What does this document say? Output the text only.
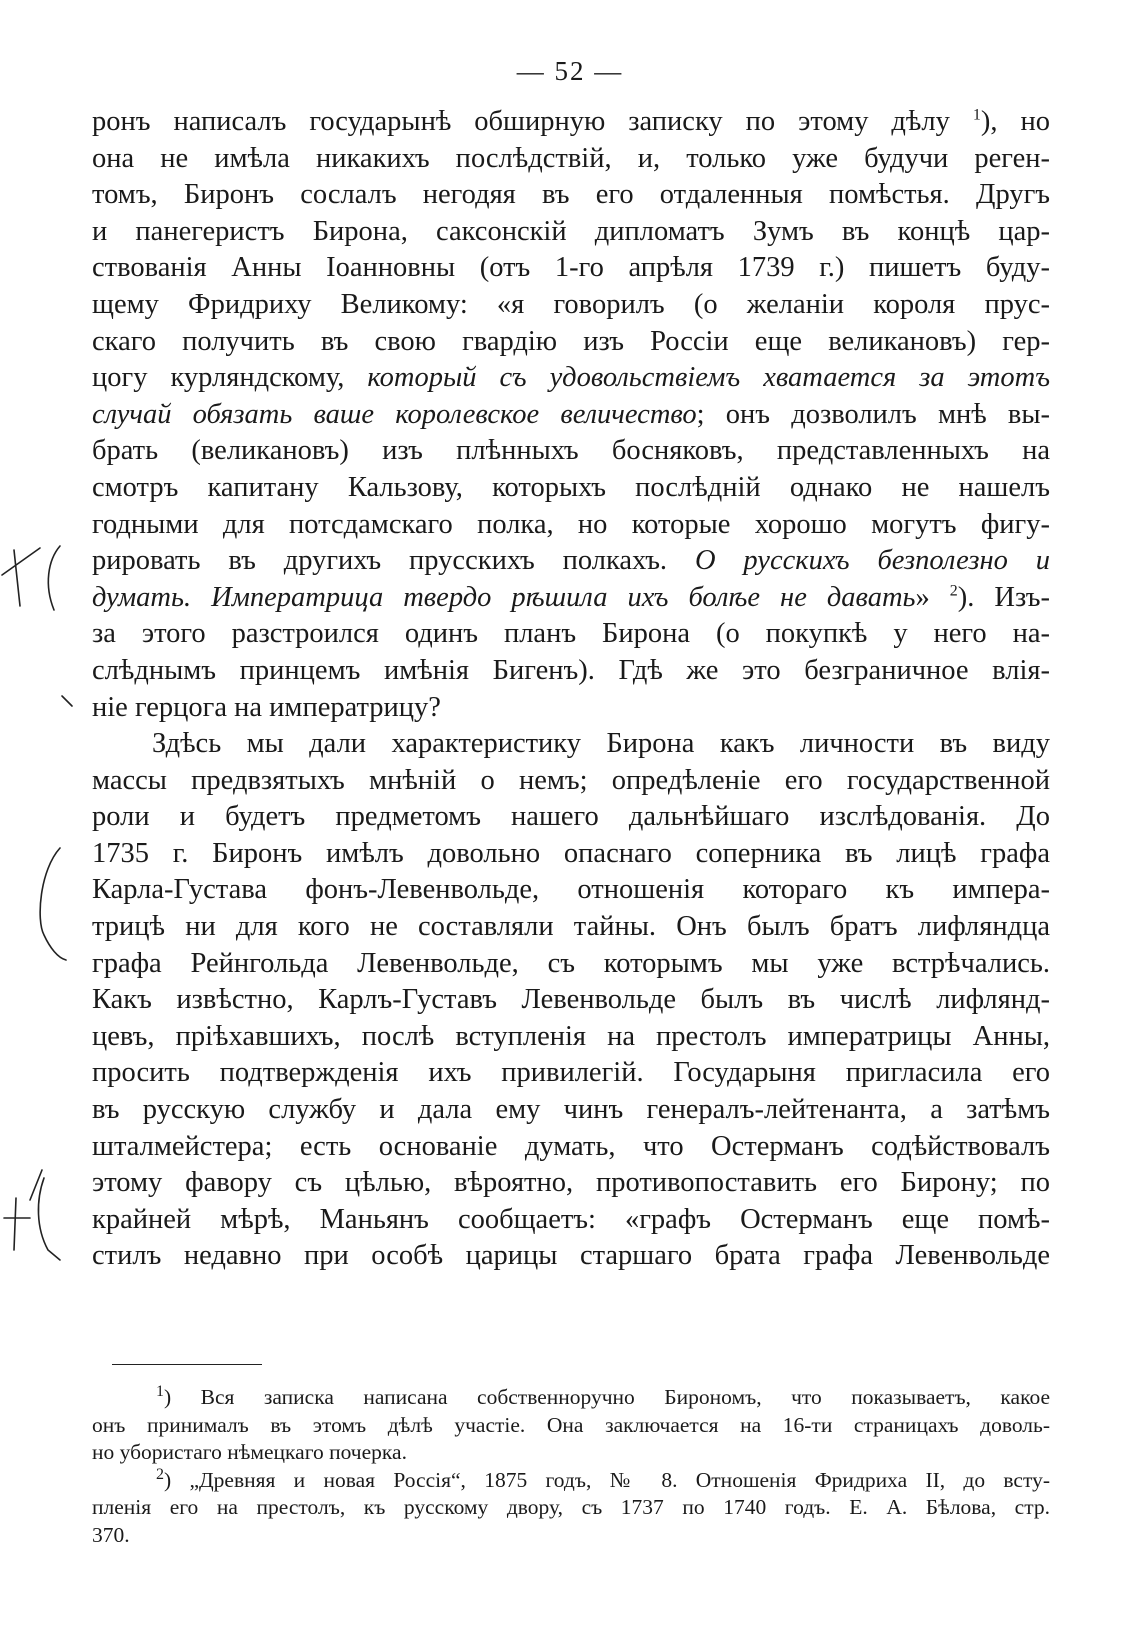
— 52 —
ронъ написалъ государынѣ обширную записку по этому дѣлу $^1$), но
она не имѣла никакихъ послѣдствій, и, только уже будучи реген-
томъ, Биронъ сослалъ негодяя въ его отдаленныя помѣстья. Другъ
и панегеристъ Бирона, саксонскій дипломатъ Зумъ въ концѣ цар-
ствованія Анны Іоанновны (отъ 1-го апрѣля 1739 г.) пишетъ буду-
щему Фридриху Великому: «я говорилъ (о желаніи короля прус-
скаго получить въ свою гвардію изъ Россіи еще великановъ) гер-
цогу курляндскому, который съ удовольствіемъ хватается за этотъ
случай обязать ваше королевское величество; онъ дозволилъ мнѣ вы-
брать (великановъ) изъ плѣнныхъ босняковъ, представленныхъ на
смотръ капитану Кальзову, которыхъ послѣдній однако не нашелъ
годными для потсдамскаго полка, но которые хорошо могутъ фигу-
рировать въ другихъ прусскихъ полкахъ. О русскихъ безполезно и
думать. Императрица твердо рѣшила ихъ болѣе не давать» $^2$). Изъ-
за этого разстроился одинъ планъ Бирона (о покупкѣ у него на-
слѣднымъ принцемъ имѣнія Бигенъ). Гдѣ же это безграничное влія-
ніе герцога на императрицу?
Здѣсь мы дали характеристику Бирона какъ личности въ виду
массы предвзятыхъ мнѣній о немъ; опредѣленіе его государственной
роли и будетъ предметомъ нашего дальнѣйшаго изслѣдованія. До
1735 г. Биронъ имѣлъ довольно опаснаго соперника въ лицѣ графа
Карла-Густава фонъ-Левенвольде, отношенія котораго къ импера-
трицѣ ни для кого не составляли тайны. Онъ былъ братъ лифляндца
графа Рейнгольда Левенвольде, съ которымъ мы уже встрѣчались.
Какъ извѣстно, Карлъ-Густавъ Левенвольде былъ въ числѣ лифлянд-
цевъ, пріѣхавшихъ, послѣ вступленія на престолъ императрицы Анны,
просить подтвержденія ихъ привилегій. Государыня пригласила его
въ русскую службу и дала ему чинъ генералъ-лейтенанта, а затѣмъ
шталмейстера; есть основаніе думать, что Остерманъ содѣйствовалъ
этому фавору съ цѣлью, вѣроятно, противопоставить его Бирону; по
крайней мѣрѣ, Маньянъ сообщаетъ: «графъ Остерманъ еще помѣ-
стилъ недавно при особѣ царицы старшаго брата графа Левенвольде
$^1$) Вся записка написана собственноручно Бирономъ, что показываетъ, какое
онъ принималъ въ этомъ дѣлѣ участіе. Она заключается на 16-ти страницахъ доволь-
но убористаго нѣмецкаго почерка.
$^2$) „Древняя и новая Россія“, 1875 годъ, № 8. Отношенія Фридриха II, до всту-
пленія его на престолъ, къ русскому двору, съ 1737 по 1740 годъ. Е. А. Бѣлова, стр.
370.
